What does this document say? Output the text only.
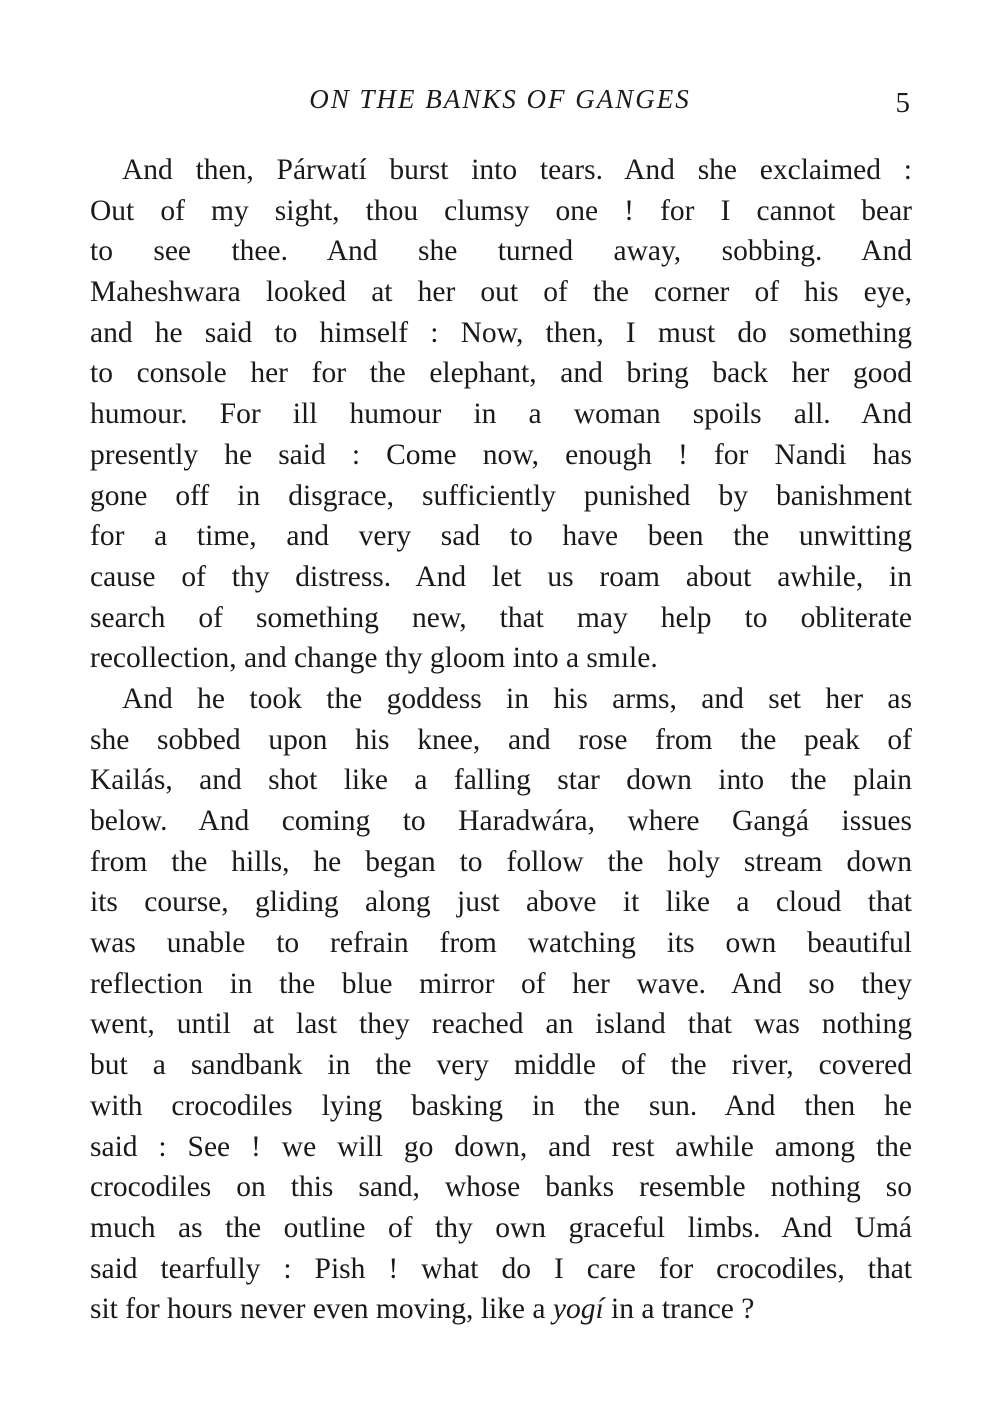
ON THE BANKS OF GANGES	5
And then, Párwatí burst into tears. And she exclaimed :
Out of my sight, thou clumsy one ! for I cannot bear
to see thee. And she turned away, sobbing. And
Maheshwara looked at her out of the corner of his eye,
and he said to himself : Now, then, I must do something
to console her for the elephant, and bring back her good
humour. For ill humour in a woman spoils all. And
presently he said : Come now, enough ! for Nandi has
gone off in disgrace, sufficiently punished by banishment
for a time, and very sad to have been the unwitting
cause of thy distress. And let us roam about awhile, in
search of something new, that may help to obliterate
recollection, and change thy gloom into a smıle.
And he took the goddess in his arms, and set her as
she sobbed upon his knee, and rose from the peak of
Kailás, and shot like a falling star down into the plain
below. And coming to Haradwára, where Gangá issues
from the hills, he began to follow the holy stream down
its course, gliding along just above it like a cloud that
was unable to refrain from watching its own beautiful
reflection in the blue mirror of her wave. And so they
went, until at last they reached an island that was nothing
but a sandbank in the very middle of the river, covered
with crocodiles lying basking in the sun. And then he
said : See ! we will go down, and rest awhile among the
crocodiles on this sand, whose banks resemble nothing so
much as the outline of thy own graceful limbs. And Umá
said tearfully : Pish ! what do I care for crocodiles, that
sit for hours never even moving, like a yogí in a trance ?
